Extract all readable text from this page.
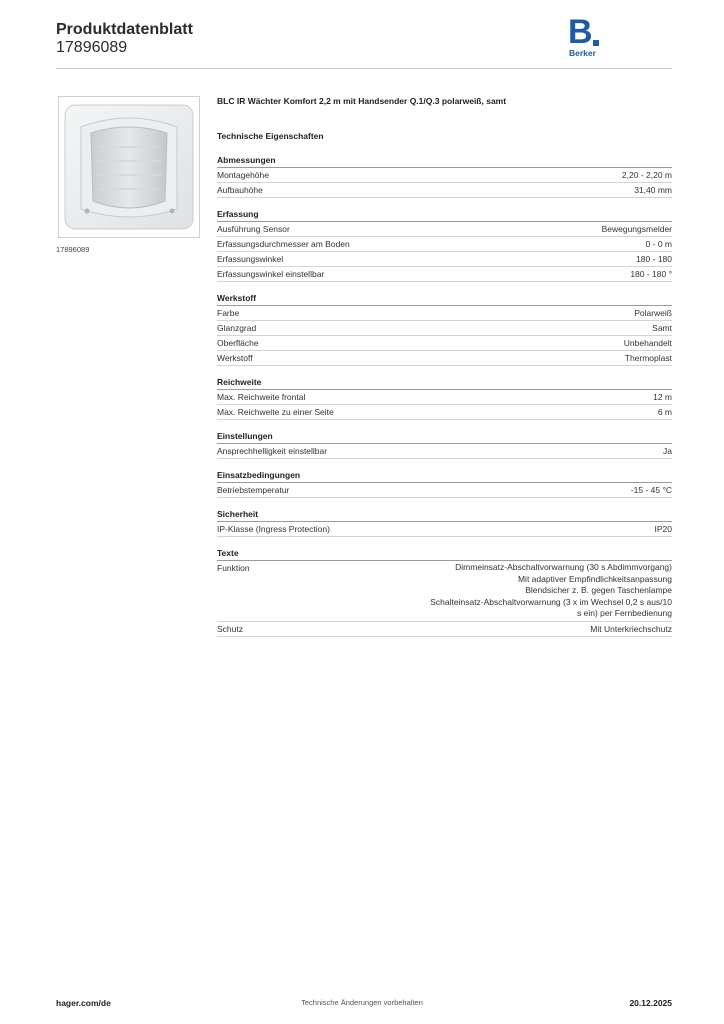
Produktdatenblatt
17896089	B
Berker
17896089
BLC IR Wächter Komfort 2,2 m mit Handsender Q.1/Q.3 polarweiß, samt
Technische Eigenschaften
Abmessungen
Montagehöhe	2,20 - 2,20 m
Aufbauhöhe	31,40 mm
Erfassung
Ausführung Sensor	Bewegungsmelder
Erfassungsdurchmesser am Boden	0 - 0 m
Erfassungswinkel	180 - 180
Erfassungswinkel einstellbar	180 - 180 °
Werkstoff
Farbe	Polarweiß
Glanzgrad	Samt
Oberfläche	Unbehandelt
Werkstoff	Thermoplast
Reichweite
Max. Reichweite frontal	12 m
Max. Reichweite zu einer Seite	6 m
Einstellungen
Ansprechhelligkeit einstellbar	Ja
Einsatzbedingungen
Betriebstemperatur	-15 - 45 °C
Sicherheit
IP-Klasse (Ingress Protection)	IP20
Texte
Funktion	Dimmeinsatz-Abschaltvorwarnung (30 s Abdimmvorgang)
Mit adaptiver Empfindlichkeitsanpassung
Blendsicher z. B. gegen Taschenlampe
Schalteinsatz-Abschaltvorwarnung (3 x im Wechsel 0,2 s aus/10
s ein) per Fernbedienung
Schutz	Mit Unterkriechschutz
hager.com/de	Technische Änderungen vorbehalten	20.12.2025
